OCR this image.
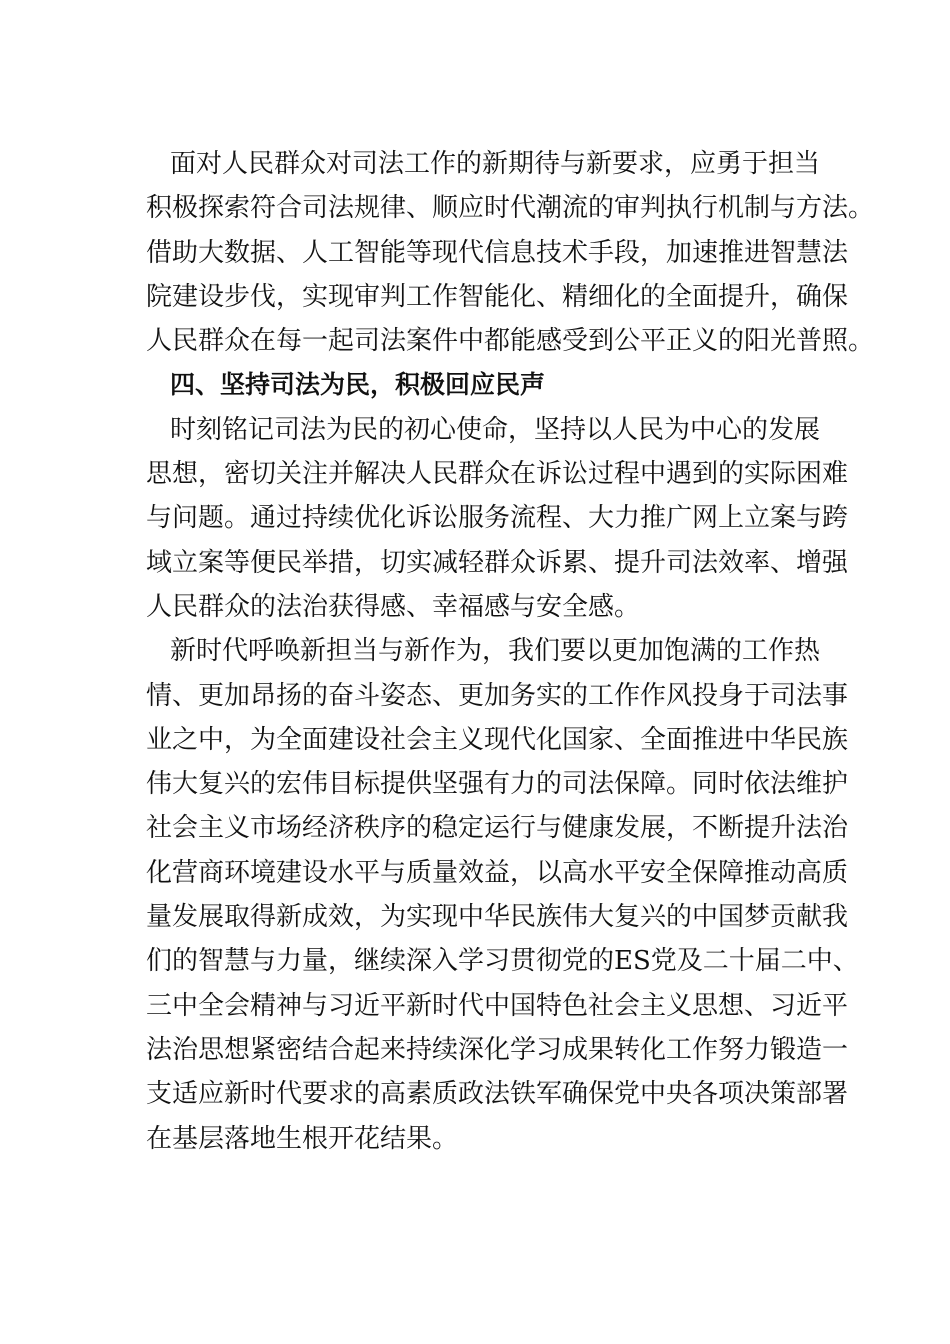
面对人民群众对司法工作的新期待与新要求，应勇于担当
积极探索符合司法规律、顺应时代潮流的审判执行机制与方法。
借助大数据、人工智能等现代信息技术手段，加速推进智慧法
院建设步伐，实现审判工作智能化、精细化的全面提升，确保
人民群众在每一起司法案件中都能感受到公平正义的阳光普照。
四、坚持司法为民，积极回应民声
时刻铭记司法为民的初心使命，坚持以人民为中心的发展
思想，密切关注并解决人民群众在诉讼过程中遇到的实际困难
与问题。通过持续优化诉讼服务流程、大力推广网上立案与跨
域立案等便民举措，切实减轻群众诉累、提升司法效率、增强
人民群众的法治获得感、幸福感与安全感。
新时代呼唤新担当与新作为，我们要以更加饱满的工作热
情、更加昂扬的奋斗姿态、更加务实的工作作风投身于司法事
业之中，为全面建设社会主义现代化国家、全面推进中华民族
伟大复兴的宏伟目标提供坚强有力的司法保障。同时依法维护
社会主义市场经济秩序的稳定运行与健康发展，不断提升法治
化营商环境建设水平与质量效益，以高水平安全保障推动高质
量发展取得新成效，为实现中华民族伟大复兴的中国梦贡献我
们的智慧与力量，继续深入学习贯彻党的ES党及二十届二中、
三中全会精神与习近平新时代中国特色社会主义思想、习近平
法治思想紧密结合起来持续深化学习成果转化工作努力锻造一
支适应新时代要求的高素质政法铁军确保党中央各项决策部署
在基层落地生根开花结果。
